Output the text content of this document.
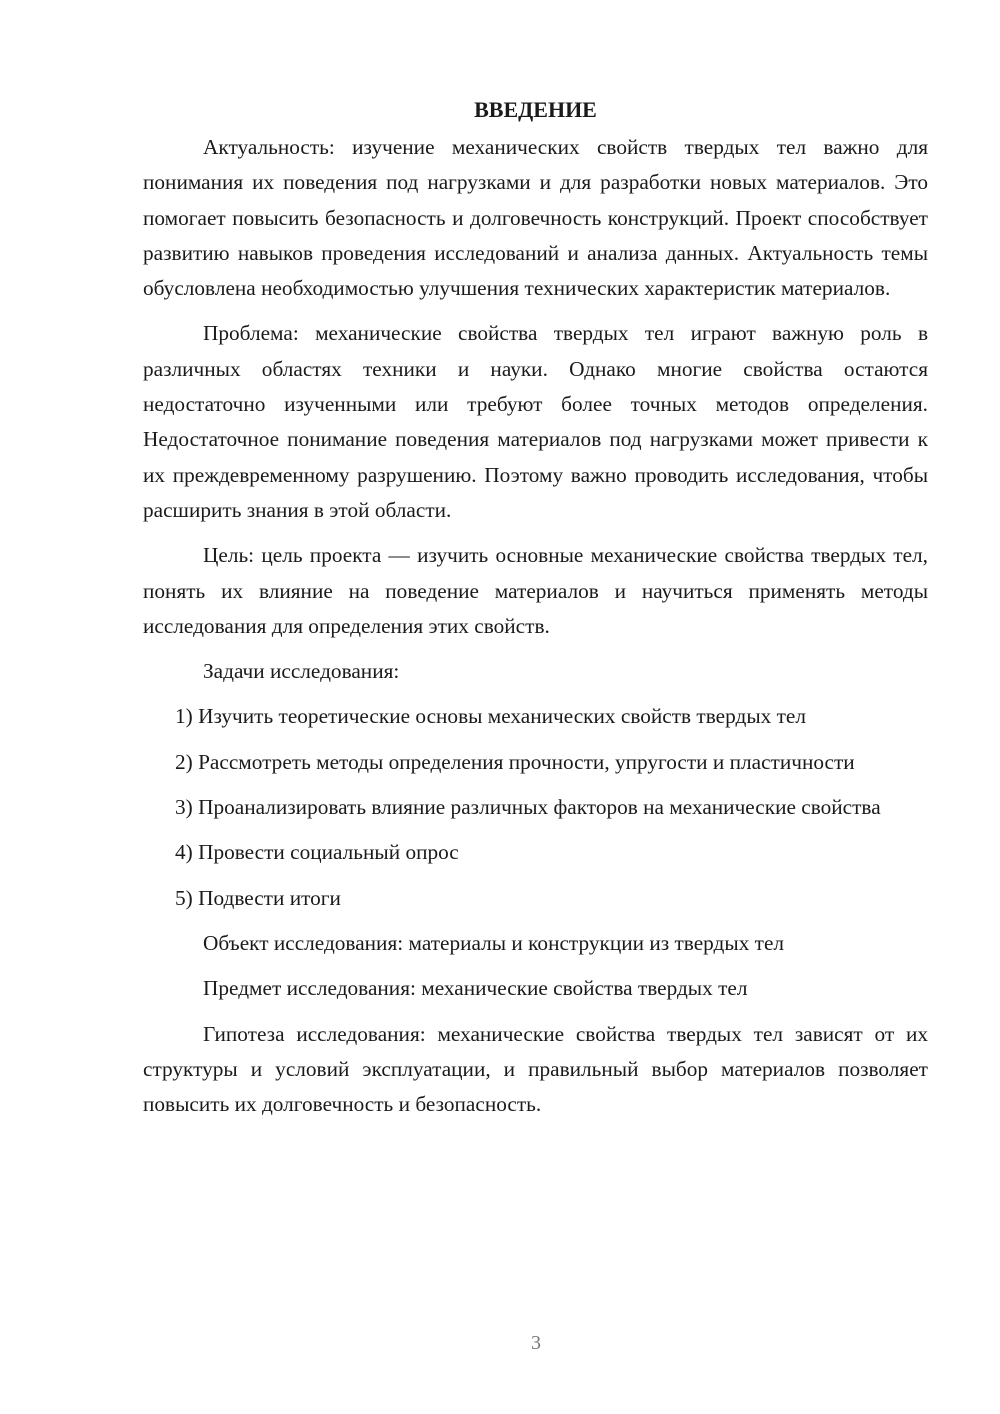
ВВЕДЕНИЕ

Актуальность: изучение механических свойств твердых тел важно для понимания их поведения под нагрузками и для разработки новых материалов. Это помогает повысить безопасность и долговечность конструкций. Проект способствует развитию навыков проведения исследований и анализа данных. Актуальность темы обусловлена необходимостью улучшения технических характеристик материалов.

Проблема: механические свойства твердых тел играют важную роль в различных областях техники и науки. Однако многие свойства остаются недостаточно изученными или требуют более точных методов определения. Недостаточное понимание поведения материалов под нагрузками может привести к их преждевременному разрушению. Поэтому важно проводить исследования, чтобы расширить знания в этой области.

Цель: цель проекта — изучить основные механические свойства твердых тел, понять их влияние на поведение материалов и научиться применять методы исследования для определения этих свойств.

Задачи исследования:

1) Изучить теоретические основы механических свойств твердых тел

2) Рассмотреть методы определения прочности, упругости и пластичности

3) Проанализировать влияние различных факторов на механические свойства

4) Провести социальный опрос

5) Подвести итоги

Объект исследования: материалы и конструкции из твердых тел

Предмет исследования: механические свойства твердых тел

Гипотеза исследования: механические свойства твердых тел зависят от их структуры и условий эксплуатации, и правильный выбор материалов позволяет повысить их долговечность и безопасность.

3
